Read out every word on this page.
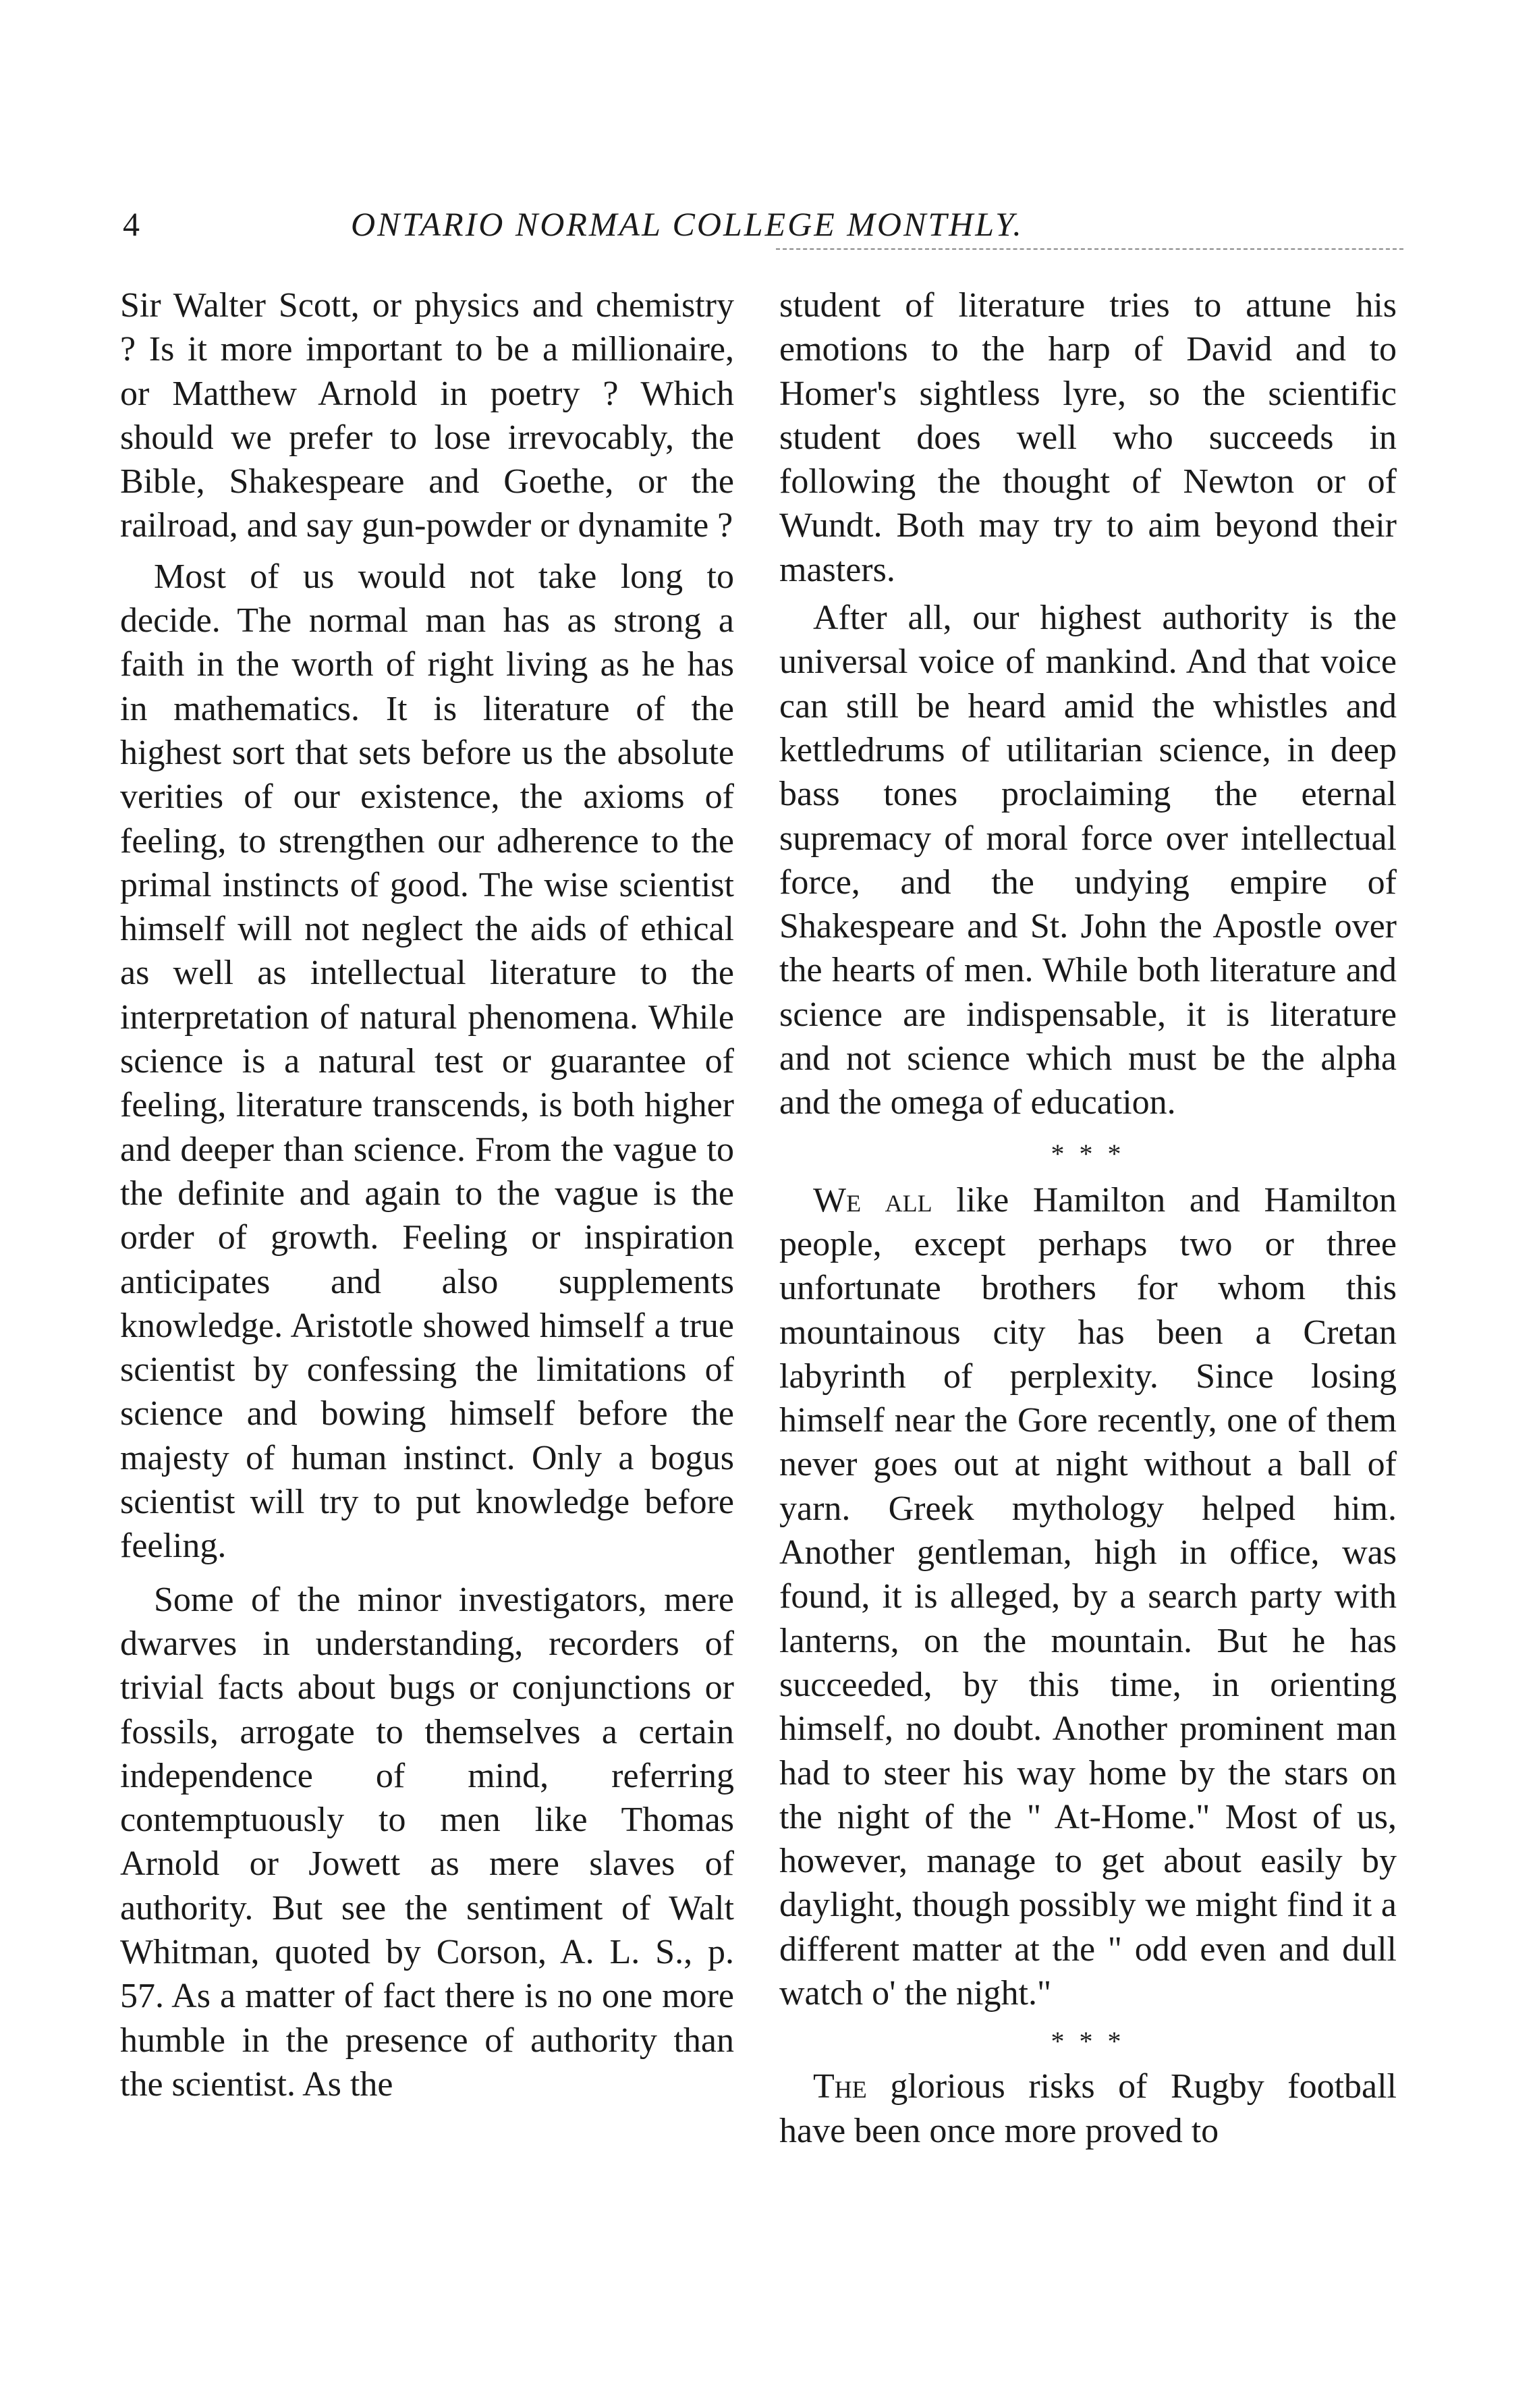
4	ONTARIO NORMAL COLLEGE MONTHLY.

Sir Walter Scott, or physics and chemistry ? Is it more important to be a millionaire, or Matthew Arnold in poetry ? Which should we prefer to lose irrevocably, the Bible, Shakespeare and Goethe, or the railroad, and say gun-powder or dynamite ?

Most of us would not take long to decide. The normal man has as strong a faith in the worth of right living as he has in mathematics. It is literature of the highest sort that sets before us the absolute verities of our existence, the axioms of feeling, to strengthen our adherence to the primal instincts of good. The wise scientist himself will not neglect the aids of ethical as well as intellectual literature to the interpretation of natural phenomena. While science is a natural test or guarantee of feeling, literature transcends, is both higher and deeper than science. From the vague to the definite and again to the vague is the order of growth. Feeling or inspiration anticipates and also supplements knowledge. Aristotle showed himself a true scientist by confessing the limitations of science and bowing himself before the majesty of human instinct. Only a bogus scientist will try to put knowledge before feeling.

Some of the minor investigators, mere dwarves in understanding, recorders of trivial facts about bugs or conjunctions or fossils, arrogate to themselves a certain independence of mind, referring contemptuously to men like Thomas Arnold or Jowett as mere slaves of authority. But see the sentiment of Walt Whitman, quoted by Corson, A. L. S., p. 57. As a matter of fact there is no one more humble in the presence of authority than the scientist. As the

student of literature tries to attune his emotions to the harp of David and to Homer's sightless lyre, so the scientific student does well who succeeds in following the thought of Newton or of Wundt. Both may try to aim beyond their masters.

After all, our highest authority is the universal voice of mankind. And that voice can still be heard amid the whistles and kettledrums of utilitarian science, in deep bass tones proclaiming the eternal supremacy of moral force over intellectual force, and the undying empire of Shakespeare and St. John the Apostle over the hearts of men. While both literature and science are indispensable, it is literature and not science which must be the alpha and the omega of education.

* * *

We all like Hamilton and Hamilton people, except perhaps two or three unfortunate brothers for whom this mountainous city has been a Cretan labyrinth of perplexity. Since losing himself near the Gore recently, one of them never goes out at night without a ball of yarn. Greek mythology helped him. Another gentleman, high in office, was found, it is alleged, by a search party with lanterns, on the mountain. But he has succeeded, by this time, in orienting himself, no doubt. Another prominent man had to steer his way home by the stars on the night of the " At-Home." Most of us, however, manage to get about easily by daylight, though possibly we might find it a different matter at the " odd even and dull watch o' the night."

* * *

The glorious risks of Rugby football have been once more proved to
